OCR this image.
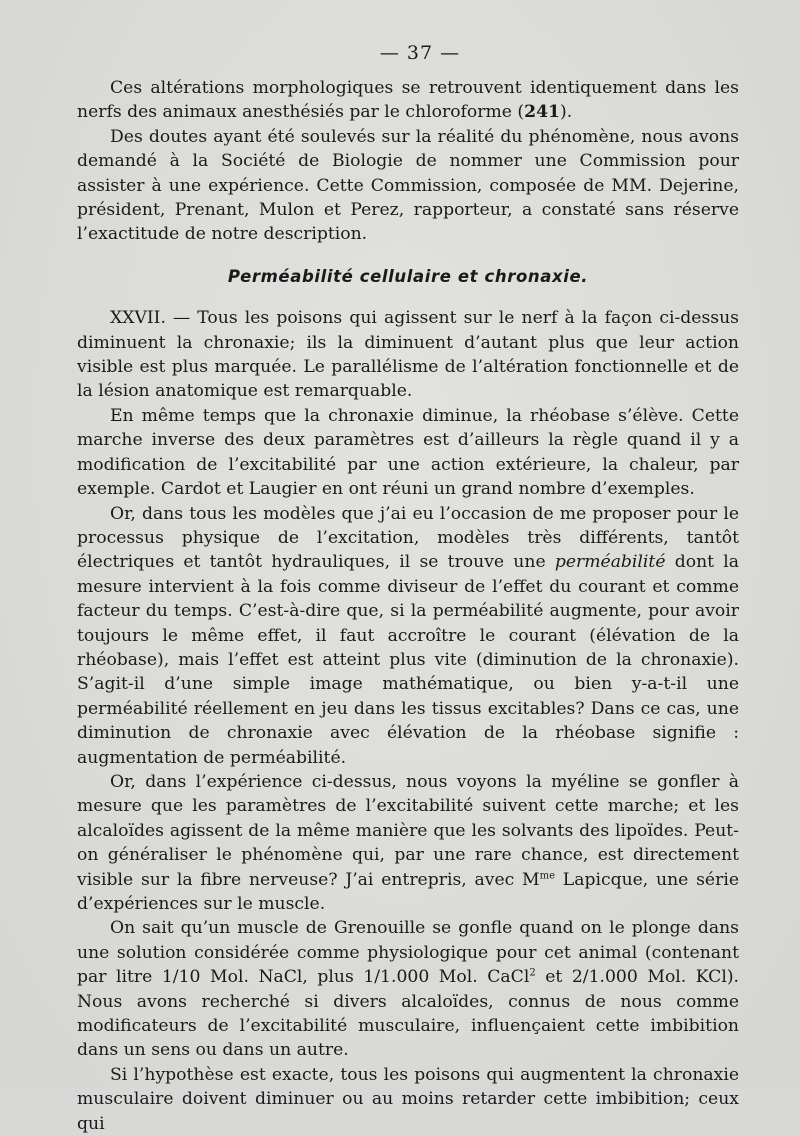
— 37 —

Ces altérations morphologiques se retrouvent identiquement dans les nerfs des animaux anesthésiés par le chloroforme (241).

Des doutes ayant été soulevés sur la réalité du phénomène, nous avons demandé à la Société de Biologie de nommer une Commission pour assister à une expérience. Cette Commission, composée de MM. Dejerine, président, Prenant, Mulon et Perez, rapporteur, a constaté sans réserve l’exactitude de notre description.

Perméabilité cellulaire et chronaxie.

XXVII. — Tous les poisons qui agissent sur le nerf à la façon ci-dessus diminuent la chronaxie; ils la diminuent d’autant plus que leur action visible est plus marquée. Le parallélisme de l’altération fonctionnelle et de la lésion anatomique est remarquable.

En même temps que la chronaxie diminue, la rhéobase s’élève. Cette marche inverse des deux paramètres est d’ailleurs la règle quand il y a modification de l’excitabilité par une action extérieure, la chaleur, par exemple. Cardot et Laugier en ont réuni un grand nombre d’exemples.

Or, dans tous les modèles que j’ai eu l’occasion de me proposer pour le processus physique de l’excitation, modèles très différents, tantôt électriques et tantôt hydrauliques, il se trouve une perméabilité dont la mesure intervient à la fois comme diviseur de l’effet du courant et comme facteur du temps. C’est-à-dire que, si la perméabilité augmente, pour avoir toujours le même effet, il faut accroître le courant (élévation de la rhéobase), mais l’effet est atteint plus vite (diminution de la chronaxie). S’agit-il d’une simple image mathématique, ou bien y-a-t-il une perméabilité réellement en jeu dans les tissus excitables? Dans ce cas, une diminution de chronaxie avec élévation de la rhéobase signifie : augmentation de perméabilité.

Or, dans l’expérience ci-dessus, nous voyons la myéline se gonfler à mesure que les paramètres de l’excitabilité suivent cette marche; et les alcaloïdes agissent de la même manière que les solvants des lipoïdes. Peut-on généraliser le phénomène qui, par une rare chance, est directement visible sur la fibre nerveuse? J’ai entrepris, avec $M^{me}$ Lapicque, une série d’expériences sur le muscle.

On sait qu’un muscle de Grenouille se gonfle quand on le plonge dans une solution considérée comme physiologique pour cet animal (contenant par litre 1/10 Mol. NaCl, plus 1/1.000 Mol. CaCl$^2$ et 2/1.000 Mol. KCl). Nous avons recherché si divers alcaloïdes, connus de nous comme modificateurs de l’excitabilité musculaire, influençaient cette imbibition dans un sens ou dans un autre.

Si l’hypothèse est exacte, tous les poisons qui augmentent la chronaxie musculaire doivent diminuer ou au moins retarder cette imbibition; ceux qui
